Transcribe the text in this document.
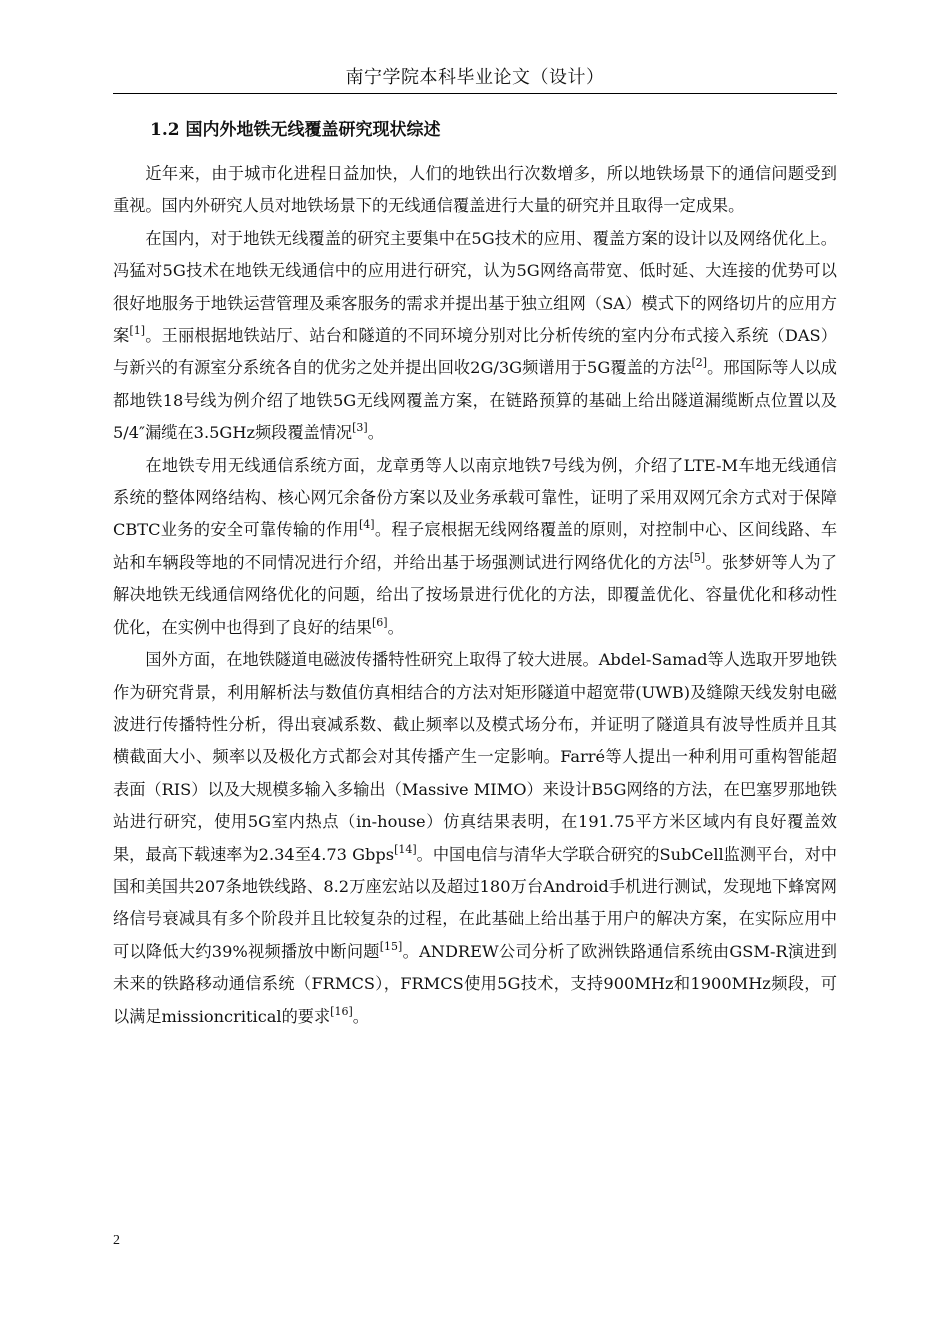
南宁学院本科毕业论文（设计）
1.2 国内外地铁无线覆盖研究现状综述

近年来，由于城市化进程日益加快，人们的地铁出行次数增多，所以地铁场景下的通信问题受到重视。国内外研究人员对地铁场景下的无线通信覆盖进行大量的研究并且取得一定成果。

在国内，对于地铁无线覆盖的研究主要集中在5G技术的应用、覆盖方案的设计以及网络优化上。冯猛对5G技术在地铁无线通信中的应用进行研究，认为5G网络高带宽、低时延、大连接的优势可以很好地服务于地铁运营管理及乘客服务的需求并提出基于独立组网（SA）模式下的网络切片的应用方案[1]。王丽根据地铁站厅、站台和隧道的不同环境分别对比分析传统的室内分布式接入系统（DAS）与新兴的有源室分系统各自的优劣之处并提出回收2G/3G频谱用于5G覆盖的方法[2]。邢国际等人以成都地铁18号线为例介绍了地铁5G无线网覆盖方案，在链路预算的基础上给出隧道漏缆断点位置以及5/4″漏缆在3.5GHz频段覆盖情况[3]。

在地铁专用无线通信系统方面，龙章勇等人以南京地铁7号线为例，介绍了LTE-M车地无线通信系统的整体网络结构、核心网冗余备份方案以及业务承载可靠性，证明了采用双网冗余方式对于保障CBTC业务的安全可靠传输的作用[4]。程子宸根据无线网络覆盖的原则，对控制中心、区间线路、车站和车辆段等地的不同情况进行介绍，并给出基于场强测试进行网络优化的方法[5]。张梦妍等人为了解决地铁无线通信网络优化的问题，给出了按场景进行优化的方法，即覆盖优化、容量优化和移动性优化，在实例中也得到了良好的结果[6]。

国外方面，在地铁隧道电磁波传播特性研究上取得了较大进展。Abdel-Samad等人选取开罗地铁作为研究背景，利用解析法与数值仿真相结合的方法对矩形隧道中超宽带(UWB)及缝隙天线发射电磁波进行传播特性分析，得出衰减系数、截止频率以及模式场分布，并证明了隧道具有波导性质并且其横截面大小、频率以及极化方式都会对其传播产生一定影响。Farré等人提出一种利用可重构智能超表面（RIS）以及大规模多输入多输出（Massive MIMO）来设计B5G网络的方法，在巴塞罗那地铁站进行研究，使用5G室内热点（in-house）仿真结果表明，在191.75平方米区域内有良好覆盖效果，最高下载速率为2.34至4.73 Gbps[14]。中国电信与清华大学联合研究的SubCell监测平台，对中国和美国共207条地铁线路、8.2万座宏站以及超过180万台Android手机进行测试，发现地下蜂窝网络信号衰减具有多个阶段并且比较复杂的过程，在此基础上给出基于用户的解决方案，在实际应用中可以降低大约39%视频播放中断问题[15]。ANDREW公司分析了欧洲铁路通信系统由GSM-R演进到未来的铁路移动通信系统（FRMCS），FRMCS使用5G技术，支持900MHz和1900MHz频段，可以满足missioncritical的要求[16]。

2
